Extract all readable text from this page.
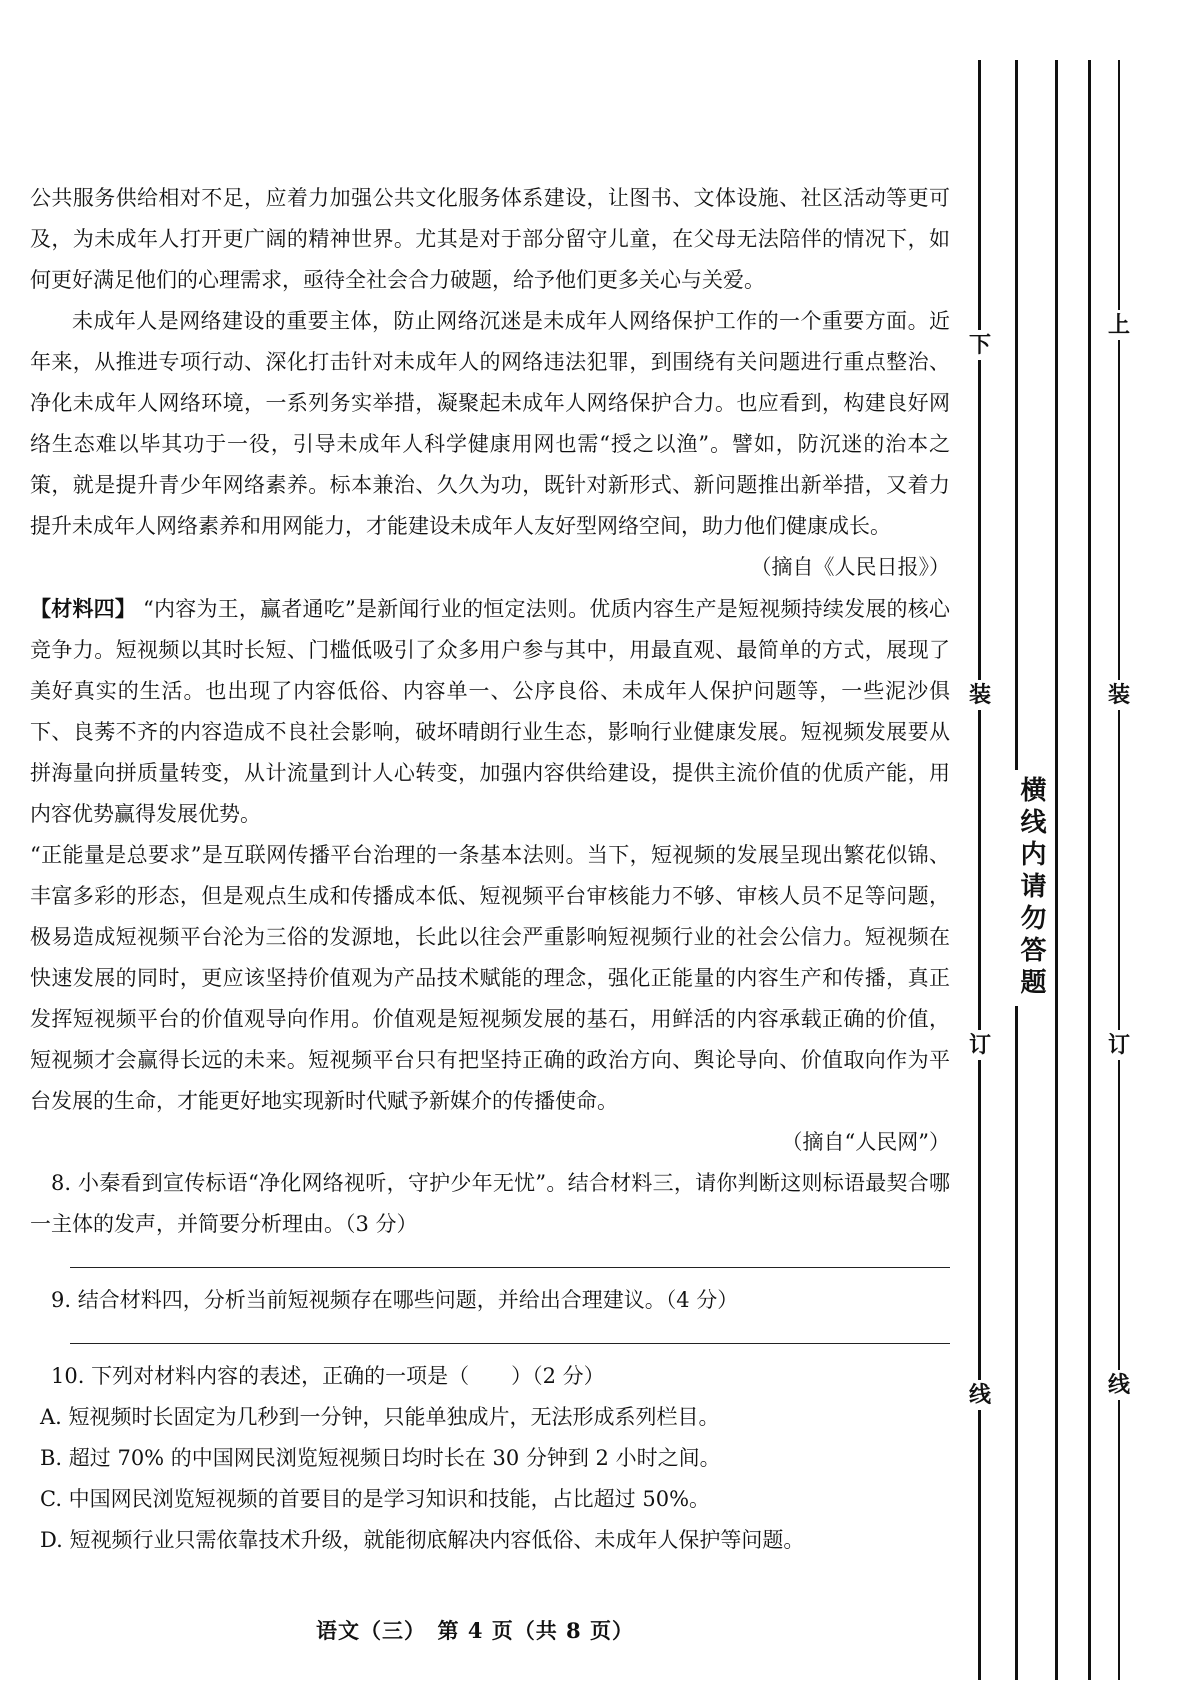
公共服务供给相对不足，应着力加强公共文化服务体系建设，让图书、文体设施、社区活动等更可及，为未成年人打开更广阔的精神世界。尤其是对于部分留守儿童，在父母无法陪伴的情况下，如何更好满足他们的心理需求，亟待全社会合力破题，给予他们更多关心与关爱。

未成年人是网络建设的重要主体，防止网络沉迷是未成年人网络保护工作的一个重要方面。近年来，从推进专项行动、深化打击针对未成年人的网络违法犯罪，到围绕有关问题进行重点整治、净化未成年人网络环境，一系列务实举措，凝聚起未成年人网络保护合力。也应看到，构建良好网络生态难以毕其功于一役，引导未成年人科学健康用网也需“授之以渔”。譬如，防沉迷的治本之策，就是提升青少年网络素养。标本兼治、久久为功，既针对新形式、新问题推出新举措，又着力提升未成年人网络素养和用网能力，才能建设未成年人友好型网络空间，助力他们健康成长。

（摘自《人民日报》）

【材料四】 “内容为王，赢者通吃”是新闻行业的恒定法则。优质内容生产是短视频持续发展的核心竞争力。短视频以其时长短、门槛低吸引了众多用户参与其中，用最直观、最简单的方式，展现了美好真实的生活。也出现了内容低俗、内容单一、公序良俗、未成年人保护问题等，一些泥沙俱下、良莠不齐的内容造成不良社会影响，破坏晴朗行业生态，影响行业健康发展。短视频发展要从拼海量向拼质量转变，从计流量到计人心转变，加强内容供给建设，提供主流价值的优质产能，用内容优势赢得发展优势。

“正能量是总要求”是互联网传播平台治理的一条基本法则。当下，短视频的发展呈现出繁花似锦、丰富多彩的形态，但是观点生成和传播成本低、短视频平台审核能力不够、审核人员不足等问题，极易造成短视频平台沦为三俗的发源地，长此以往会严重影响短视频行业的社会公信力。短视频在快速发展的同时，更应该坚持价值观为产品技术赋能的理念，强化正能量的内容生产和传播，真正发挥短视频平台的价值观导向作用。价值观是短视频发展的基石，用鲜活的内容承载正确的价值，短视频才会赢得长远的未来。短视频平台只有把坚持正确的政治方向、舆论导向、价值取向作为平台发展的生命，才能更好地实现新时代赋予新媒介的传播使命。

（摘自“人民网”）

8. 小秦看到宣传标语“净化网络视听，守护少年无忧”。结合材料三，请你判断这则标语最契合哪一主体的发声，并简要分析理由。（3 分）

9. 结合材料四，分析当前短视频存在哪些问题，并给出合理建议。（4 分）

10. 下列对材料内容的表述，正确的一项是（　　）（2 分）

A. 短视频时长固定为几秒到一分钟，只能单独成片，无法形成系列栏目。

B. 超过 70% 的中国网民浏览短视频日均时长在 30 分钟到 2 小时之间。

C. 中国网民浏览短视频的首要目的是学习知识和技能，占比超过 50%。

D. 短视频行业只需依靠技术升级，就能彻底解决内容低俗、未成年人保护等问题。

语文（三）　第 4 页（共 8 页）
下
装
订
线
上
装
订
线
横线内请勿答题
